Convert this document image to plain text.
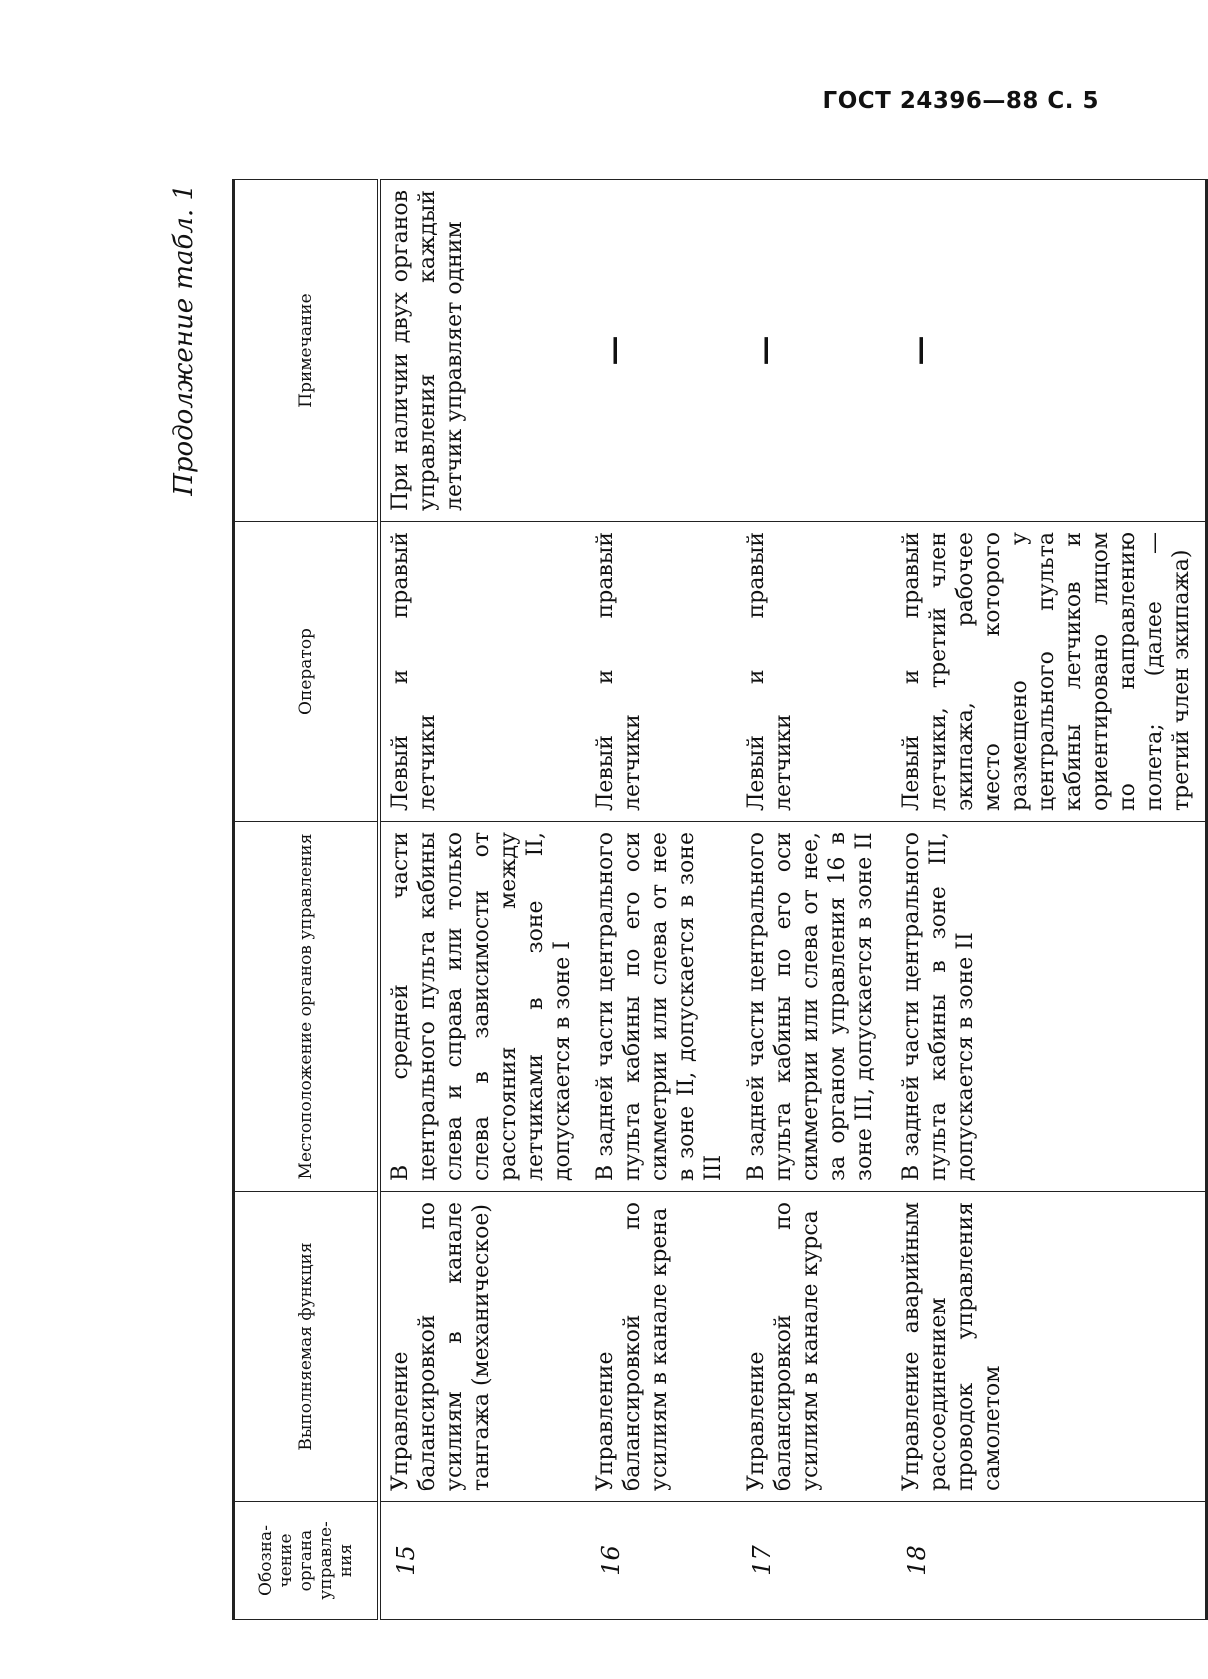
ГОСТ 24396—88 С. 5
Продолжение табл. 1
Обозна-чение органа управле-ния	Выполняемая функция	Местоположение органов управления	Оператор	Примечание
15	Управление балансировкой по усилиям в канале тангажа (механическое)	В средней части центрального пульта кабины слева и справа или только слева в зависимости от расстояния между летчиками в зоне II, допускается в зоне I	Левый и правый летчики	При наличии двух органов управления каждый летчик управляет одним
16	Управление балансировкой по усилиям в канале крена	В задней части центрального пульта кабины по его оси симметрии или слева от нее в зоне II, допускается в зоне III	Левый и правый летчики	—

17	Управление балансировкой по усилиям в канале курса	В задней части центрального пульта кабины по его оси симметрии или слева от нее, за органом управления 16 в зоне III, допускается в зоне II	Левый и правый летчики	—

18	Управление аварийным рассоединением проводок управления самолетом	В задней части центрального пульта кабины в зоне III, допускается в зоне II	Левый и правый летчики, третий член экипажа, рабочее место которого размещено у центрального пульта кабины летчиков и ориентировано лицом по направлению полета; (далее — третий член экипажа)	—
